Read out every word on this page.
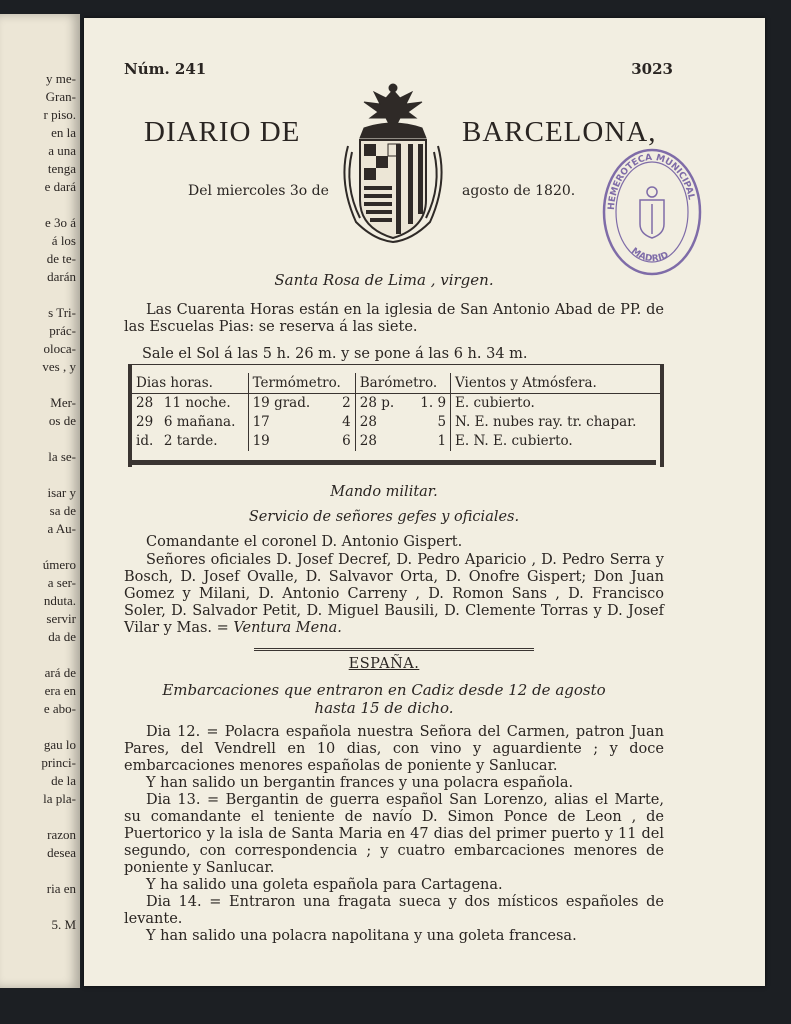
y me-
Gran-
r piso.
en la
a una
tenga
e dará

e 3o á
á los
de te-
darán

s Tri-
prác-
oloca-
ves , y

Mer-
os de

la se-

isar y
sa de
a Au-

úmero
a ser-
nduta.
servir
da de

ará de
era en
e abo-

gau lo
princi-
de la
la pla-

razon
desea

ria en

5. M
Núm. 241	3023
DIARIO DE	BARCELONA,
Del miercoles 3o de	agosto de 1820.
HEMEROTECA MUNICIPAL
MADRID
Santa Rosa de Lima , virgen.
Las Cuarenta Horas están en la iglesia de San Antonio Abad de PP. de las Escuelas Pias: se reserva á las siete.
Sale el Sol á las 5 h. 26 m. y se pone á las 6 h. 34 m.
Dias horas.		Termómetro.		Barómetro.		Vientos y Atmósfera.
28	11 noche.	19 grad.	2	28 p.	1. 9	E. cubierto.
29	6 mañana.	17	4	28	5	N. E. nubes ray. tr. chapar.
id.	2 tarde.	19	6	28	1	E. N. E. cubierto.
Mando militar.
Servicio de señores gefes y oficiales.
Comandante el coronel D. Antonio Gispert.
Señores oficiales D. Josef Decref, D. Pedro Aparicio , D. Pedro Serra y Bosch, D. Josef Ovalle, D. Salvavor Orta, D. Onofre Gispert; Don Juan Gomez y Milani, D. Antonio Carreny , D. Romon Sans , D. Francisco Soler, D. Salvador Petit, D. Miguel Bausili, D. Clemente Torras y D. Josef Vilar y Mas. = Ventura Mena.
ESPAÑA.
Embarcaciones que entraron en Cadiz desde 12 de agosto
hasta 15 de dicho.

Dia 12. = Polacra española nuestra Señora del Carmen, patron Juan Pares, del Vendrell en 10 dias, con vino y aguardiente ; y doce embarcaciones menores españolas de poniente y Sanlucar.

Y han salido un bergantin frances y una polacra española.

Dia 13. = Bergantin de guerra español San Lorenzo, alias el Marte, su comandante el teniente de navío D. Simon Ponce de Leon , de Puertorico y la isla de Santa Maria en 47 dias del primer puerto y 11 del segundo, con correspondencia ; y cuatro embarcaciones menores de poniente y Sanlucar.

Y ha salido una goleta española para Cartagena.

Dia 14. = Entraron una fragata sueca y dos místicos españoles de levante.

Y han salido una polacra napolitana y una goleta francesa.
